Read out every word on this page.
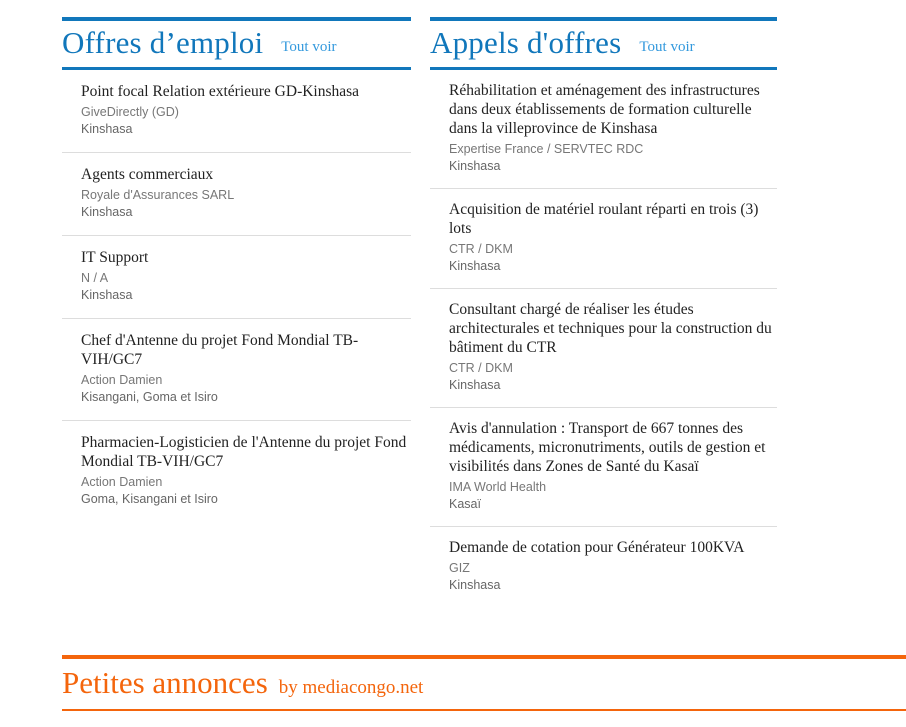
Offres d’emploi Tout voir
Point focal Relation extérieure GD-Kinshasa
GiveDirectly (GD)
Kinshasa
Agents commerciaux
Royale d'Assurances SARL
Kinshasa
IT Support
N / A
Kinshasa
Chef d'Antenne du projet Fond Mondial TB-VIH/GC7
Action Damien
Kisangani, Goma et Isiro
Pharmacien-Logisticien de l'Antenne du projet Fond Mondial TB-VIH/GC7
Action Damien
Goma, Kisangani et Isiro
Appels d'offres Tout voir
Réhabilitation et aménagement des infrastructures dans deux établissements de formation culturelle dans la villeprovince de Kinshasa
Expertise France / SERVTEC RDC
Kinshasa
Acquisition de matériel roulant réparti en trois (3) lots
CTR / DKM
Kinshasa
Consultant chargé de réaliser les études architecturales et techniques pour la construction du bâtiment du CTR
CTR / DKM
Kinshasa
Avis d'annulation : Transport de 667 tonnes des médicaments, micronutriments, outils de gestion et visibilités dans Zones de Santé du Kasaï
IMA World Health
Kasaï
Demande de cotation pour Générateur 100KVA
GIZ
Kinshasa
Petites annonces by mediacongo.net
